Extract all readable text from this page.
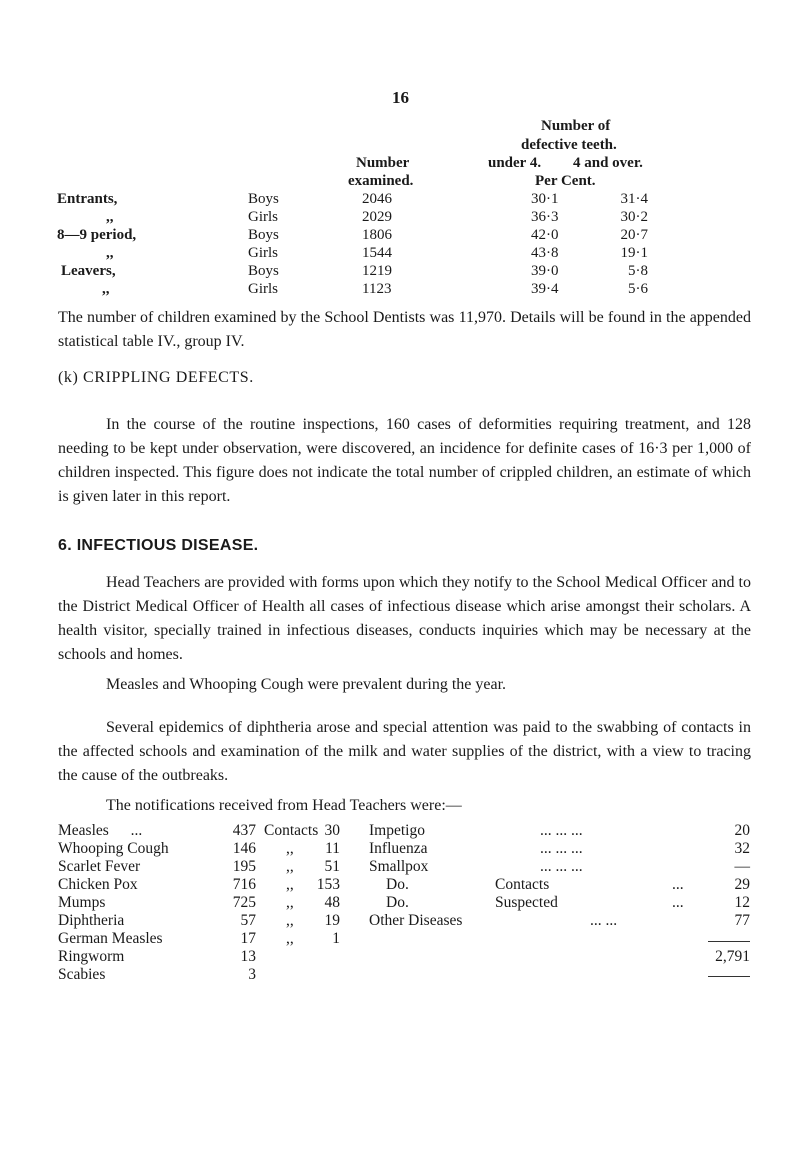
16
Number of
defective teeth.
Number	under 4. 4 and over.
examined.	Per Cent.
Entrants,	Boys	2046	30·1	31·4
,,	Girls	2029	36·3	30·2
8—9 period,	Boys	1806	42·0	20·7
,,	Girls	1544	43·8	19·1
Leavers,	Boys	1219	39·0	5·8
,,	Girls	1123	39·4	5·6

The number of children examined by the School Dentists was 11,970. Details will be found in the appended statistical table IV., group IV.

(k) CRIPPLING DEFECTS.

In the course of the routine inspections, 160 cases of deformities requiring treatment, and 128 needing to be kept under observation, were discovered, an incidence for definite cases of 16·3 per 1,000 of children inspected. This figure does not indicate the total number of crippled children, an estimate of which is given later in this report.

6. INFECTIOUS DISEASE.

Head Teachers are provided with forms upon which they notify to the School Medical Officer and to the District Medical Officer of Health all cases of infectious disease which arise amongst their scholars. A health visitor, specially trained in infectious diseases, conducts inquiries which may be necessary at the schools and homes.

Measles and Whooping Cough were prevalent during the year.

Several epidemics of diphtheria arose and special attention was paid to the swabbing of contacts in the affected schools and examination of the milk and water supplies of the district, with a view to tracing the cause of the outbreaks.

The notifications received from Head Teachers were:—

Measles ...	437 Contacts 30
Whooping Cough	146 ,,	11
Scarlet Fever	195 ,,	51
Chicken Pox	716 ,,	153
Mumps	725 ,,	48
Diphtheria	57 ,,	19
German Measles	17 ,,	1
Ringworm	13
Scabies	3
Impetigo	... ... ...	20
Influenza	... ... ...	32
Smallpox	... ... ...	—
Do.	Contacts	...	29
Do.	Suspected	...	12
Other Diseases	... ...	77
2,791
